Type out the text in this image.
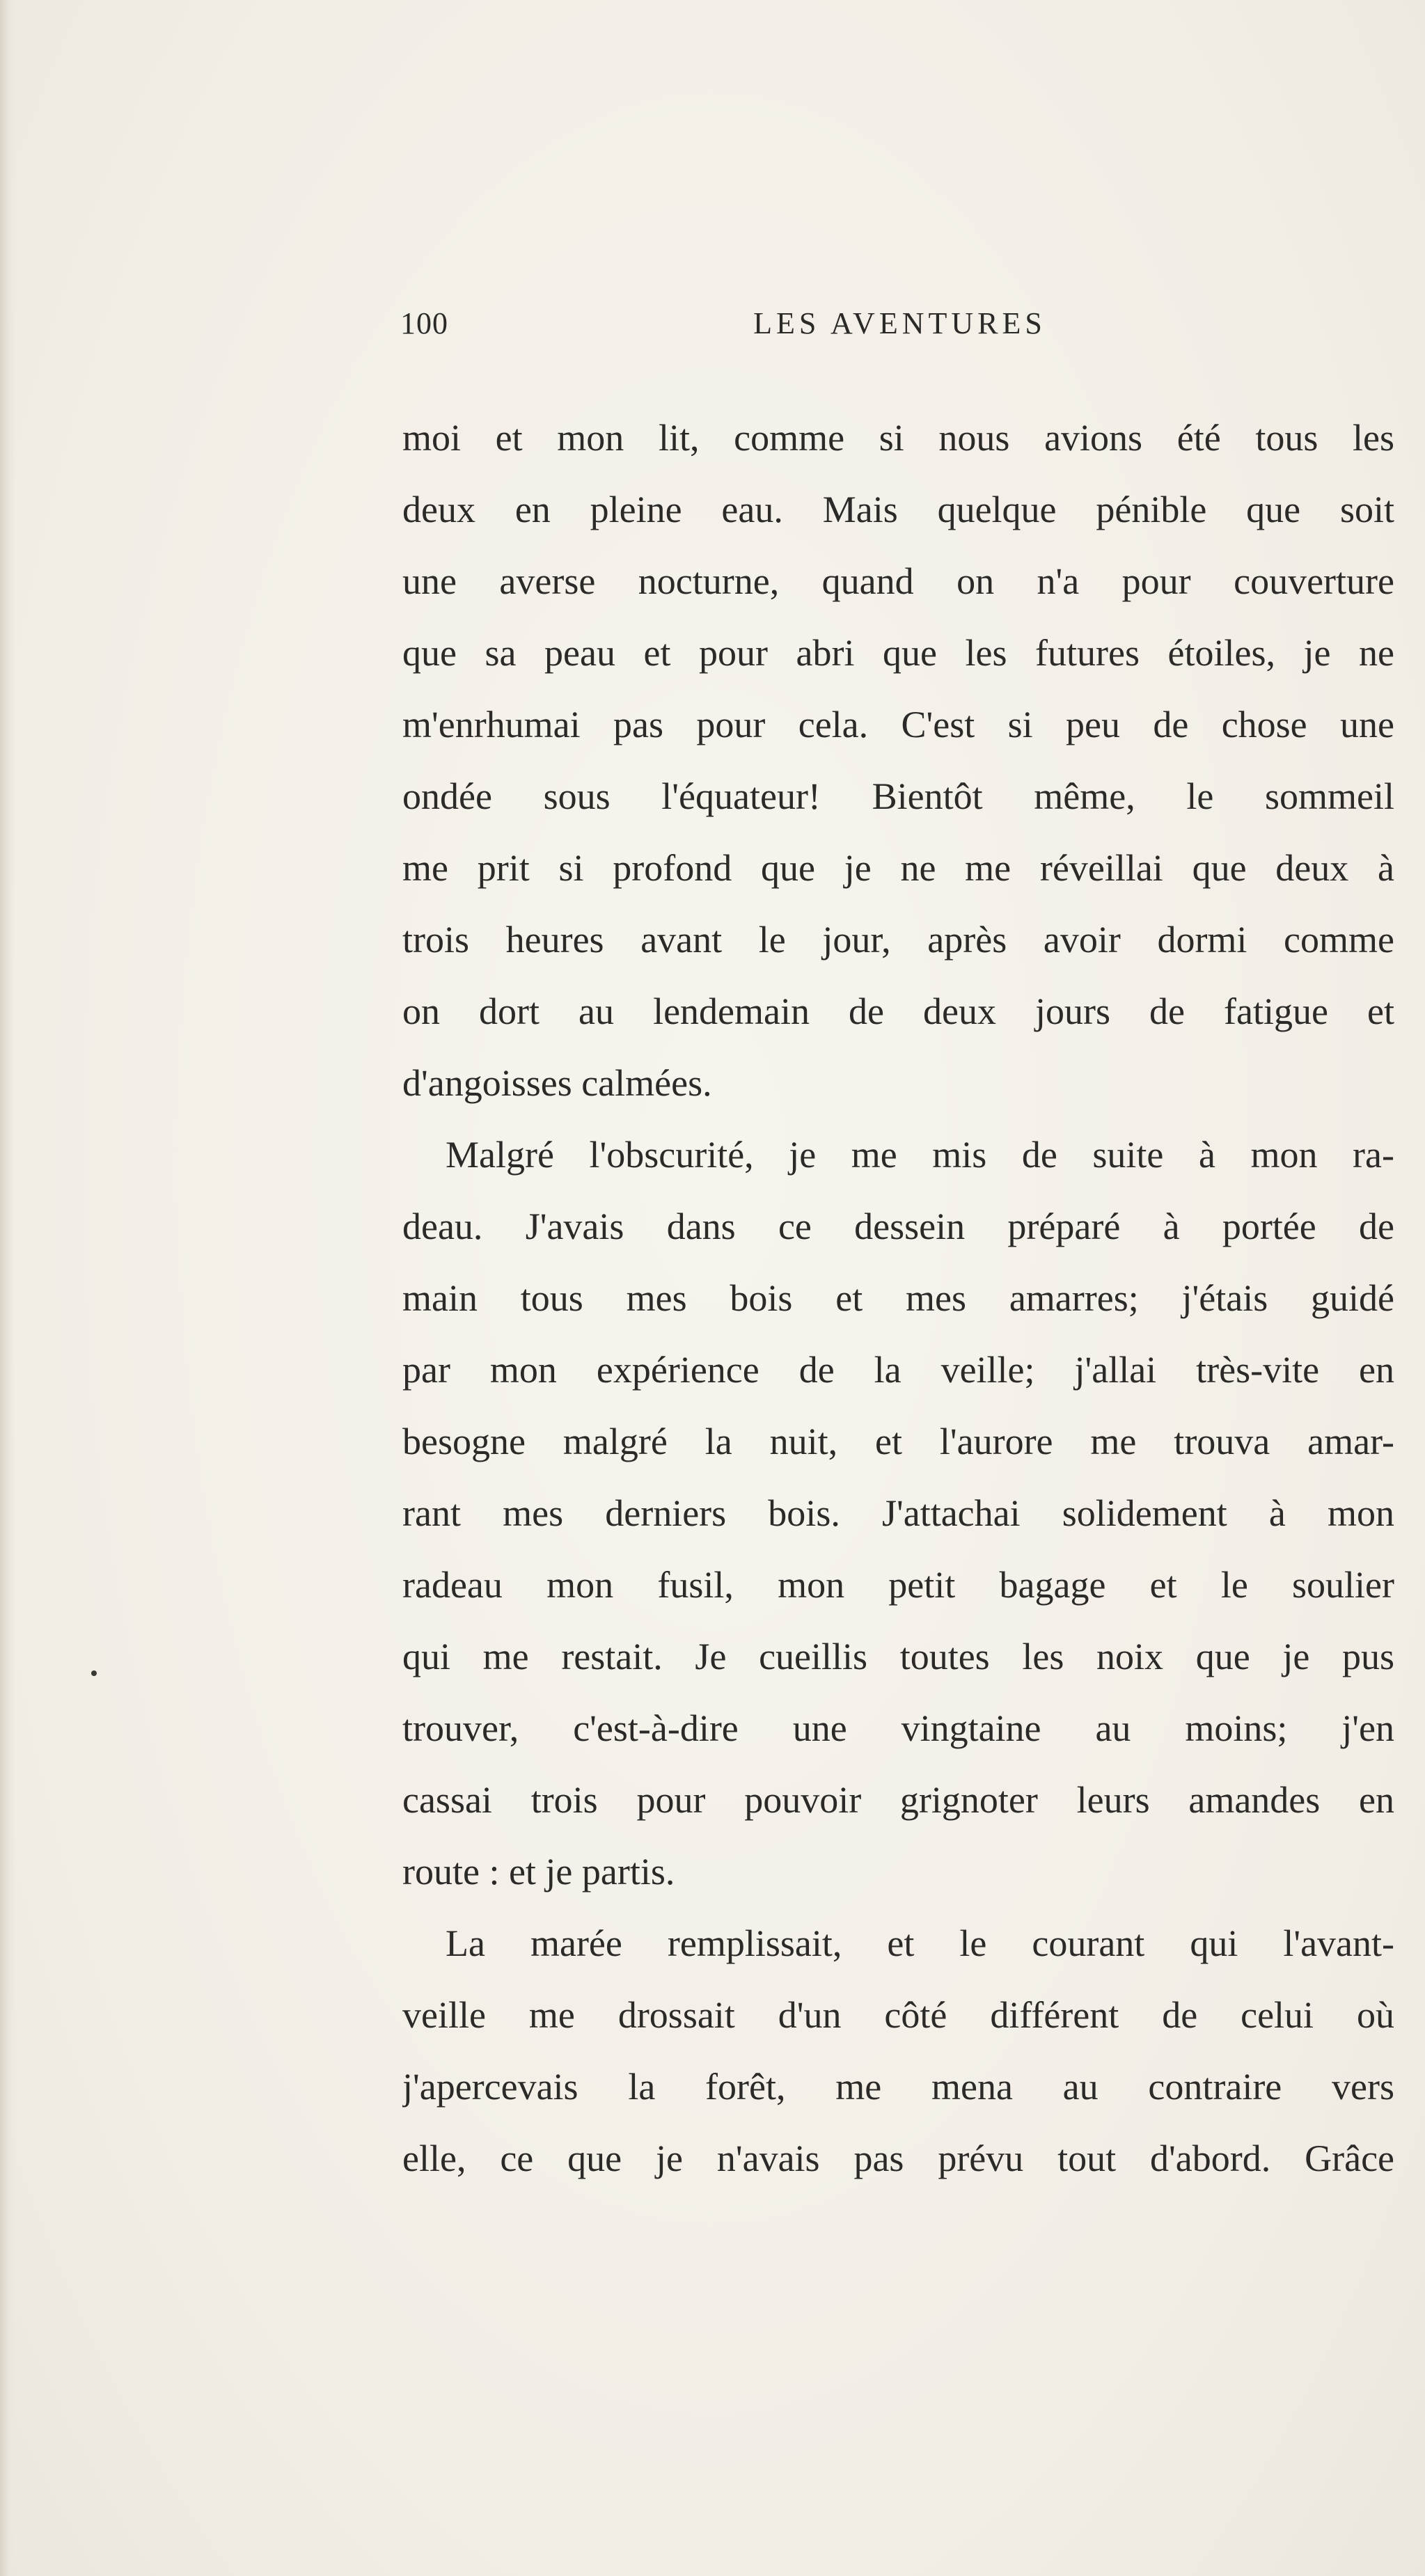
100	LES AVENTURES
moi et mon lit, comme si nous avions été tous les
deux en pleine eau. Mais quelque pénible que soit
une averse nocturne, quand on n'a pour couverture
que sa peau et pour abri que les futures étoiles, je ne
m'enrhumai pas pour cela. C'est si peu de chose une
ondée sous l'équateur! Bientôt même, le sommeil
me prit si profond que je ne me réveillai que deux à
trois heures avant le jour, après avoir dormi comme
on dort au lendemain de deux jours de fatigue et
d'angoisses calmées.
Malgré l'obscurité, je me mis de suite à mon ra-
deau. J'avais dans ce dessein préparé à portée de
main tous mes bois et mes amarres; j'étais guidé
par mon expérience de la veille; j'allai très-vite en
besogne malgré la nuit, et l'aurore me trouva amar-
rant mes derniers bois. J'attachai solidement à mon
radeau mon fusil, mon petit bagage et le soulier
qui me restait. Je cueillis toutes les noix que je pus
trouver, c'est-à-dire une vingtaine au moins; j'en
cassai trois pour pouvoir grignoter leurs amandes en
route : et je partis.
La marée remplissait, et le courant qui l'avant-
veille me drossait d'un côté différent de celui où
j'apercevais la forêt, me mena au contraire vers
elle, ce que je n'avais pas prévu tout d'abord. Grâce
